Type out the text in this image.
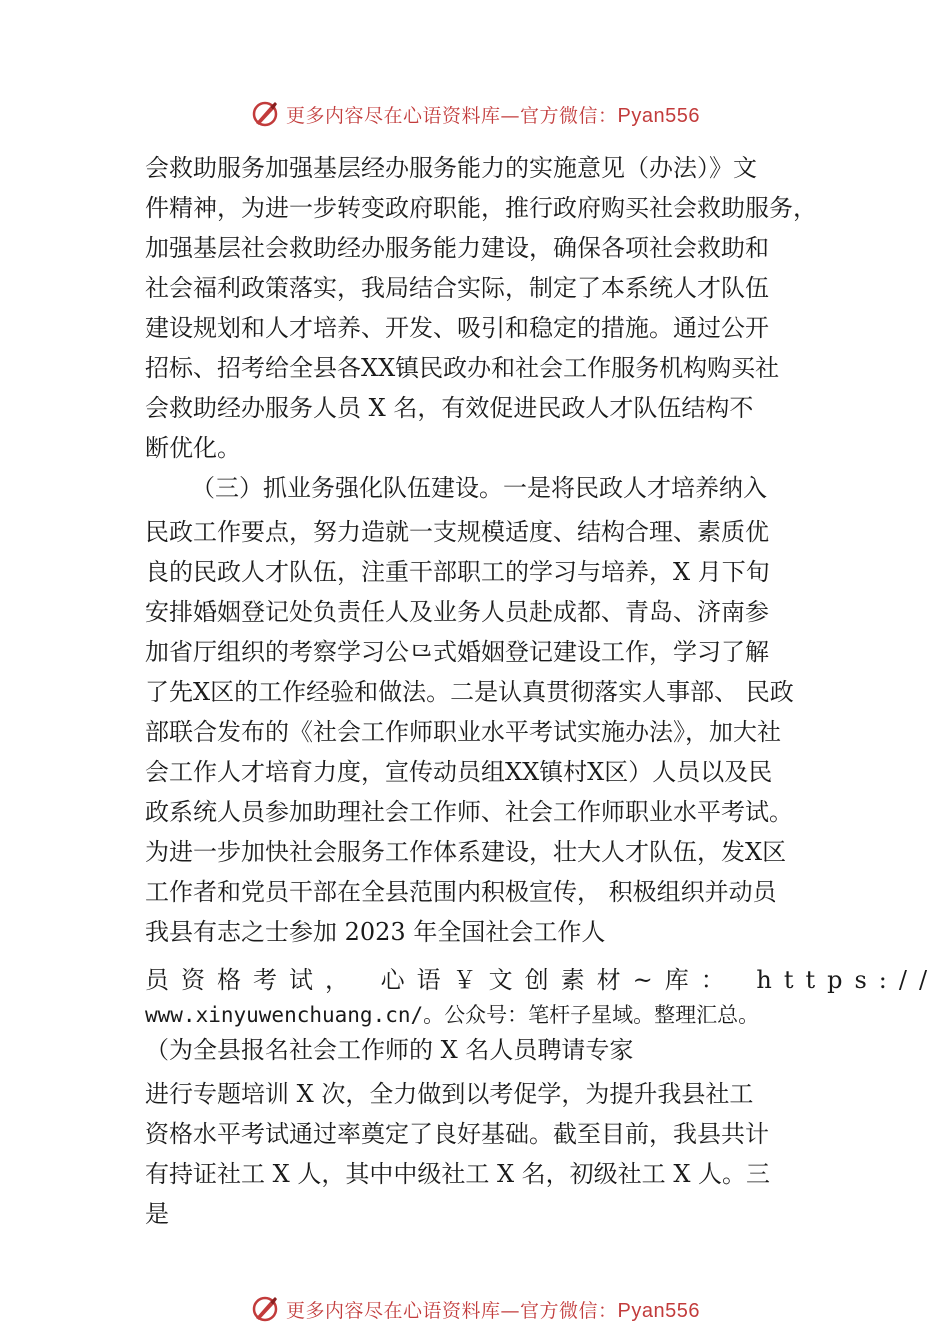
更多内容尽在心语资料库—官方微信：Pyan556
会救助服务加强基层经办服务能力的实施意见（办法）》文
件精神，为进一步转变政府职能，推行政府购买社会救助服务，
加强基层社会救助经办服务能力建设，确保各项社会救助和
社会福利政策落实，我局结合实际，制定了本系统人才队伍
建设规划和人才培养、开发、吸引和稳定的措施。通过公开
招标、招考给全县各XX镇民政办和社会工作服务机构购买社
会救助经办服务人员 X 名，有效促进民政人才队伍结构不
断优化。
（三）抓业务强化队伍建设。一是将民政人才培养纳入
民政工作要点，努力造就一支规模适度、结构合理、素质优
良的民政人才队伍，注重干部职工的学习与培养，X 月下旬
安排婚姻登记处负责任人及业务人员赴成都、青岛、济南参
加省厅组织的考察学习公⺋式婚姻登记建设工作，学习了解
了先X区的工作经验和做法。二是认真贯彻落实人事部、 民政
部联合发布的《社会工作师职业水平考试实施办法》，加大社
会工作人才培育力度，宣传动员组XX镇村X区）人员以及民
政系统人员参加助理社会工作师、社会工作师职业水平考试。
为进一步加快社会服务工作体系建设，壮大人才队伍，发X区
工作者和党员干部在全县范围内积极宣传， 积极组织并动员
我县有志之士参加 2023 年全国社会工作人
员资格考试， 心语￥文创素材~库： https://
www.xinyuwenchuang.cn/。公众号：笔杆子星域。整理汇总。
（为全县报名社会工作师的 X 名人员聘请专家
进行专题培训 X 次，全力做到以考促学，为提升我县社工
资格水平考试通过率奠定了良好基础。截至目前，我县共计
有持证社工 X 人，其中中级社工 X 名，初级社工 X 人。三
是
更多内容尽在心语资料库—官方微信：Pyan556
